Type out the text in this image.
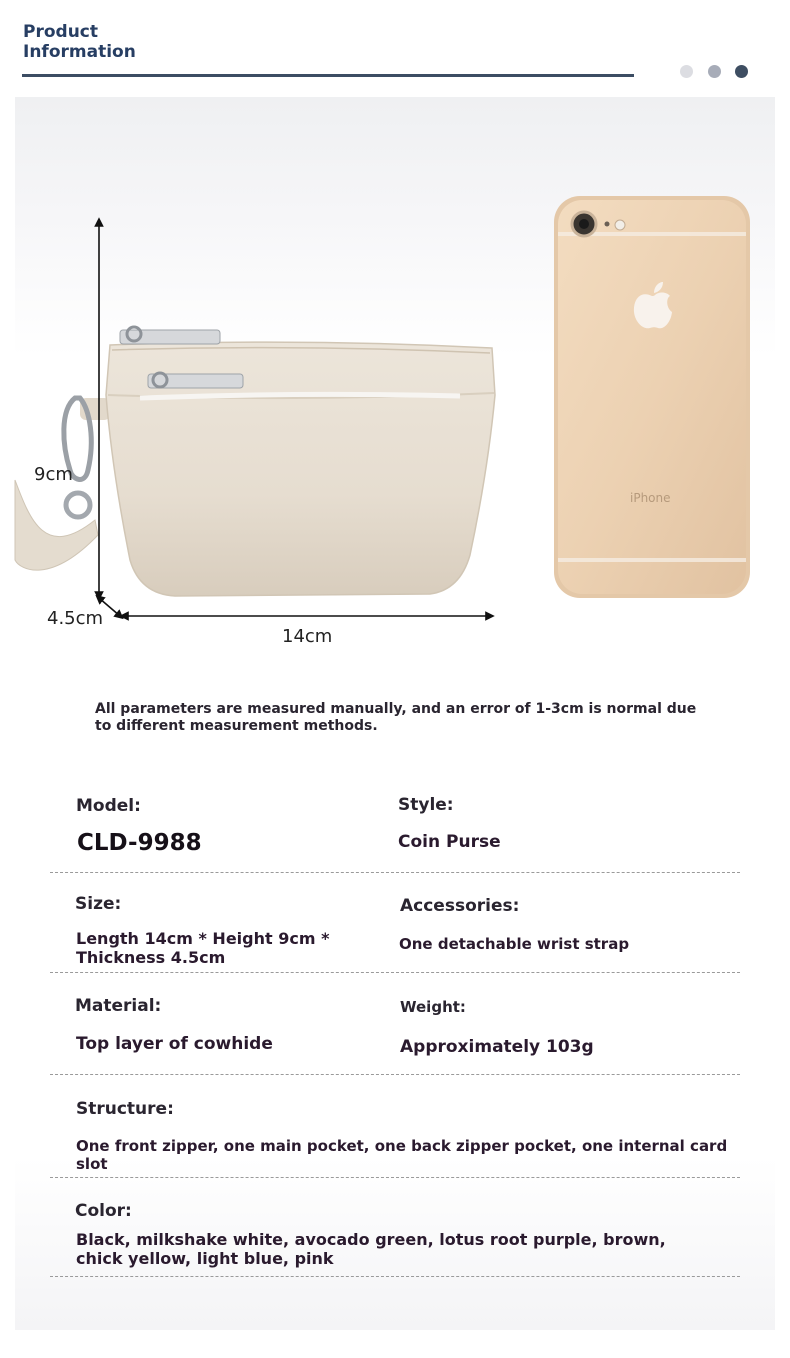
Product
Information
9cm
4.5cm
14cm
iPhone
All parameters are measured manually, and an error of 1-3cm is normal due to different measurement methods.
Model:
CLD-9988
Style:
Coin Purse
Size:
Length 14cm * Height 9cm * Thickness 4.5cm
Accessories:
One detachable wrist strap
Material:
Top layer of cowhide
Weight:
Approximately 103g
Structure:
One front zipper, one main pocket, one back zipper pocket, one internal card slot
Color:
Black, milkshake white, avocado green, lotus root purple, brown, chick yellow, light blue, pink
